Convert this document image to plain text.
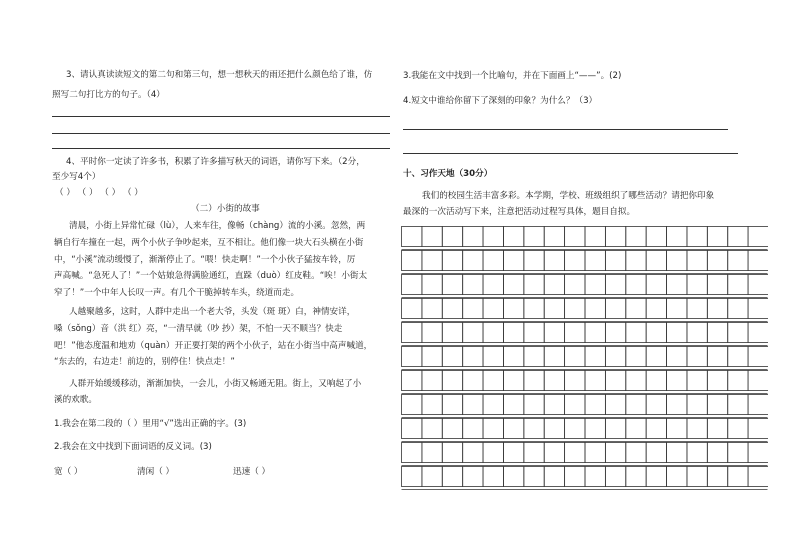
3、请认真读读短文的第二句和第三句，想一想秋天的雨还把什么颜色给了谁，仿
照写二句打比方的句子。（4）
4、平时你一定读了许多书，积累了许多描写秋天的词语，请你写下来。（2分，
至少写4个）
（ ） （ ） （ ） （ ）
（二）小街的故事
清晨，小街上异常忙碌（lù），人来车往，像畅（chàng）流的小溪。忽然，两
辆自行车撞在一起，两个小伙子争吵起来，互不相让。他们像一块大石头横在小街
中，“小溪”流动缓慢了，渐渐停止了。“喂！快走啊！”一个小伙子猛按车铃，厉
声高喊。“急死人了！”一个姑娘急得满脸通红，直跺（duò）红皮鞋。“唉！小街太
窄了！”一个中年人长叹一声。有几个干脆掉转车头，绕道而走。
人越聚越多，这时，人群中走出一个老大爷，头发（斑 斑）白，神情安详，
嗓（sǒng）音（洪 红）亮，“一清早就（吵 抄）架，不怕一天不顺当？快走
吧！”他态度温和地劝（quàn）开正要打架的两个小伙子，站在小街当中高声喊道，
“东去的，右边走！前边的，别停住！快点走！”
人群开始缓缓移动，渐渐加快，一会儿，小街又畅通无阻。街上，又响起了小
溪的欢歌。
1.我会在第二段的（ ）里用“√”选出正确的字。(3)
2.我会在文中找到下面词语的反义词。(3)
宽（ ）	清闲（ ）	迅速（ ）
3.我能在文中找到一个比喻句，并在下面画上“——”。(2)
4.短文中谁给你留下了深刻的印象？为什么？（3）
十、习作天地（30分）
我们的校园生活丰富多彩。本学期，学校、班级组织了哪些活动？请把你印象
最深的一次活动写下来，注意把活动过程写具体，题目自拟。
